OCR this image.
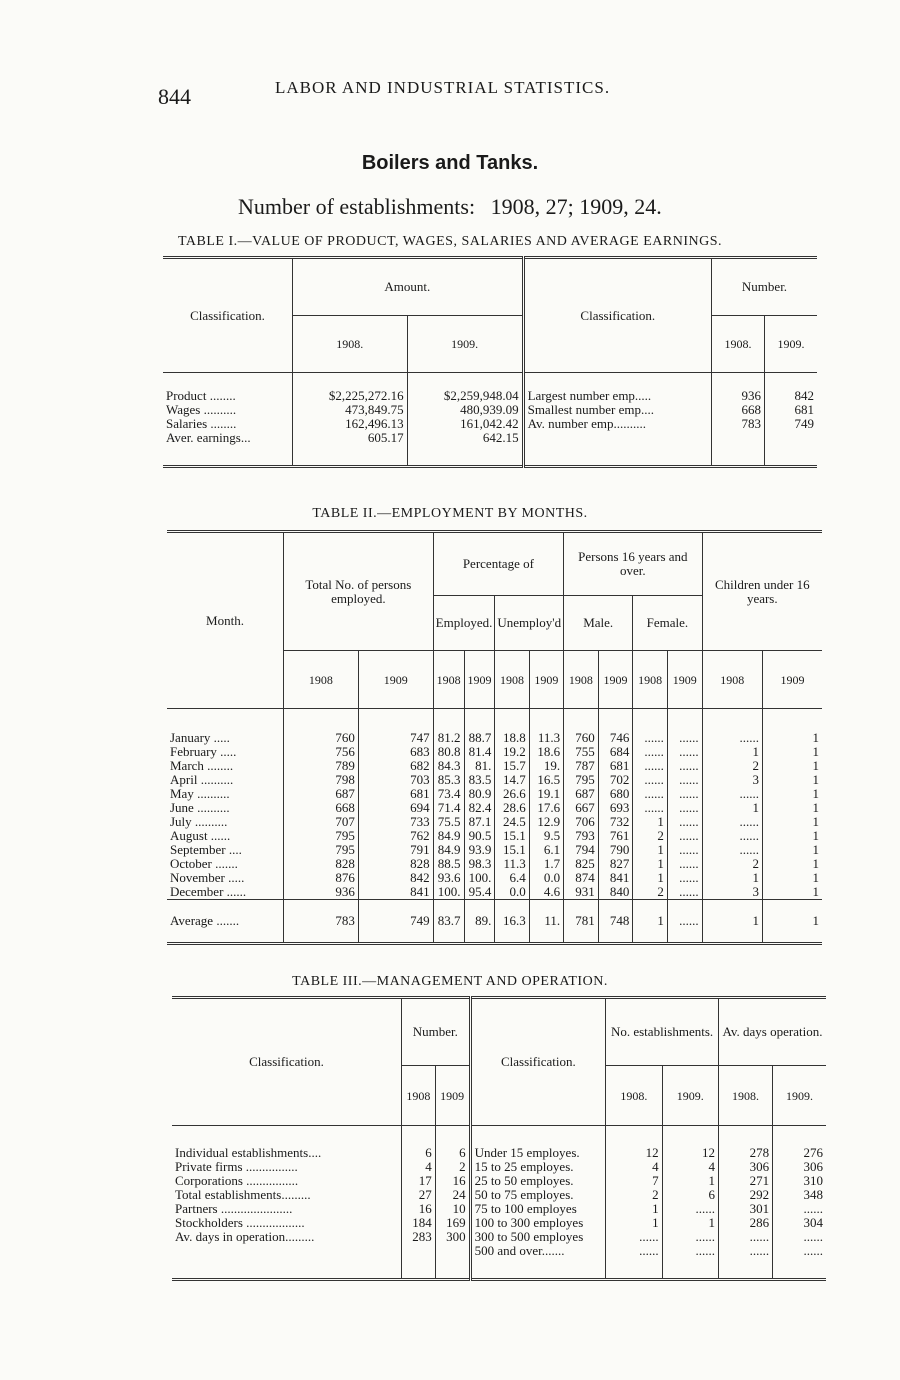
844	LABOR AND INDUSTRIAL STATISTICS.
Boilers and Tanks.
Number of establishments: 1908, 27; 1909, 24.
TABLE I.—VALUE OF PRODUCT, WAGES, SALARIES AND AVERAGE EARNINGS.
Classification.	Amount.		Classification.	Number.	
	1908.	1909.		1908.	1909.
Product ........	$2,225,272.16	$2,259,948.04	Largest number emp.....	936	842
Wages ..........	473,849.75	480,939.09	Smallest number emp....	668	681
Salaries ........	162,496.13	161,042.42	Av. number emp..........	783	749
Aver. earnings...	605.17	642.15			
TABLE II.—EMPLOYMENT BY MONTHS.
Month.	Total No. of persons employed.		Percentage of				Persons 16 years and over.				Children under 16 years.	
			Employed.		Unemploy'd		Male.		Female.			
	1908	1909	1908	1909	1908	1909	1908	1909	1908	1909	1908	1909
January .....	760	747	81.2	88.7	18.8	11.3	760	746	......	......	......	1
February .....	756	683	80.8	81.4	19.2	18.6	755	684	......	......	1	1
March ........	789	682	84.3	81.	15.7	19.	787	681	......	......	2	1
April ..........	798	703	85.3	83.5	14.7	16.5	795	702	......	......	3	1
May ..........	687	681	73.4	80.9	26.6	19.1	687	680	......	......	......	1
June ..........	668	694	71.4	82.4	28.6	17.6	667	693	......	......	1	1
July ..........	707	733	75.5	87.1	24.5	12.9	706	732	1	......	......	1
August ......	795	762	84.9	90.5	15.1	9.5	793	761	2	......	......	1
September ....	795	791	84.9	93.9	15.1	6.1	794	790	1	......	......	1
October .......	828	828	88.5	98.3	11.3	1.7	825	827	1	......	2	1
November .....	876	842	93.6	100.	6.4	0.0	874	841	1	......	1	1
December ......	936	841	100.	95.4	0.0	4.6	931	840	2	......	3	1
Average .......	783	749	83.7	89.	16.3	11.	781	748	1	......	1	1
TABLE III.—MANAGEMENT AND OPERATION.
Classification.	Number.		Classification.	No. establishments.		Av. days operation.	
	1908	1909		1908.	1909.	1908.	1909.
Individual establishments....	6	6	Under 15 employes.	12	12	278	276
Private firms ................	4	2	15 to 25 employes.	4	4	306	306
Corporations ................	17	16	25 to 50 employes.	7	1	271	310
Total establishments.........	27	24	50 to 75 employes.	2	6	292	348
Partners ......................	16	10	75 to 100 employes	1	......	301	......
Stockholders ..................	184	169	100 to 300 employes	1	1	286	304
Av. days in operation.........	283	300	300 to 500 employes	......	......	......	......
			500 and over.......	......	......	......	......
